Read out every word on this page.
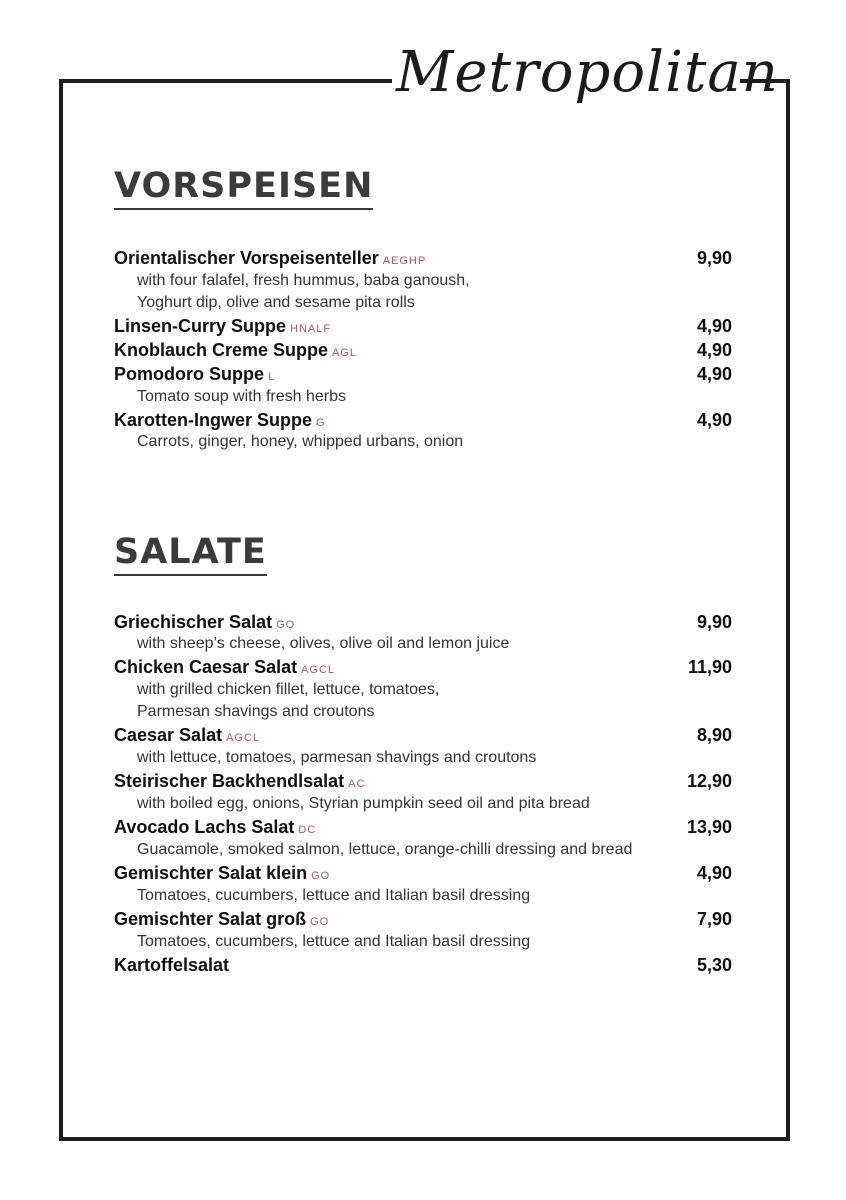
Metropolitan
VORSPEISEN
Orientalischer Vorspeisenteller AEGHP	9,90
with four falafel, fresh hummus, baba ganoush,
Yoghurt dip, olive and sesame pita rolls
Linsen-Curry Suppe HNALF	4,90
Knoblauch Creme Suppe AGL	4,90
Pomodoro Suppe L	4,90
Tomato soup with fresh herbs
Karotten-Ingwer Suppe G	4,90
Carrots, ginger, honey, whipped urbans, onion
SALATE
Griechischer Salat GO	9,90
with sheep’s cheese, olives, olive oil and lemon juice
Chicken Caesar Salat AGCL	11,90
with grilled chicken fillet, lettuce, tomatoes,
Parmesan shavings and croutons
Caesar Salat AGCL	8,90
with lettuce, tomatoes, parmesan shavings and croutons
Steirischer Backhendlsalat AC	12,90
with boiled egg, onions, Styrian pumpkin seed oil and pita bread
Avocado Lachs Salat DC	13,90
Guacamole, smoked salmon, lettuce, orange-chilli dressing and bread
Gemischter Salat klein GO	4,90
Tomatoes, cucumbers, lettuce and Italian basil dressing
Gemischter Salat groß GO	7,90
Tomatoes, cucumbers, lettuce and Italian basil dressing
Kartoffelsalat	5,30
